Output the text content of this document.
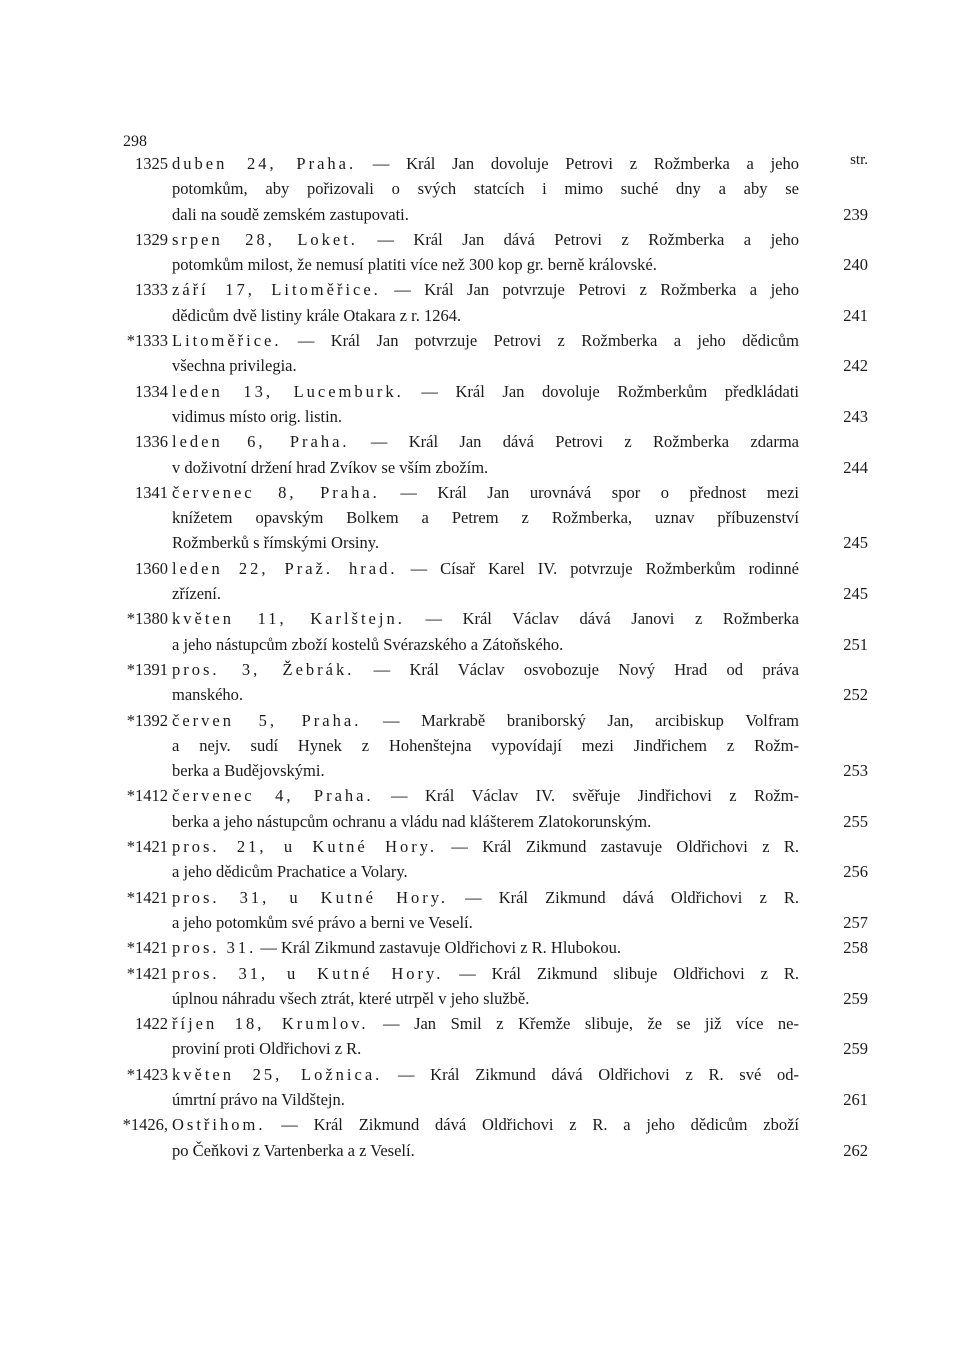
298
str.
1325 duben 24, Praha. — Král Jan dovoluje Petrovi z Rožmberka a jeho
potomkům, aby pořizovali o svých statcích i mimo suché dny a aby se
dali na soudě zemském zastupovati.	239
1329 srpen 28, Loket. — Král Jan dává Petrovi z Rožmberka a jeho
potomkům milost, že nemusí platiti více než 300 kop gr. berně královské.	240
1333 září 17, Litoměřice. — Král Jan potvrzuje Petrovi z Rožmberka a jeho
dědicům dvě listiny krále Otakara z r. 1264.	241
*1333 Litoměřice. — Král Jan potvrzuje Petrovi z Rožmberka a jeho dědicům
všechna privilegia.	242
1334 leden 13, Lucemburk. — Král Jan dovoluje Rožmberkům předkládati
vidimus místo orig. listin.	243
1336 leden 6, Praha. — Král Jan dává Petrovi z Rožmberka zdarma
v doživotní držení hrad Zvíkov se vším zbožím.	244
1341 červenec 8, Praha. — Král Jan urovnává spor o přednost mezi
knížetem opavským Bolkem a Petrem z Rožmberka, uznav příbuzenství
Rožmberků s římskými Orsiny.	245
1360 leden 22, Praž. hrad. — Císař Karel IV. potvrzuje Rožmberkům rodinné
zřízení.	245
*1380 květen 11, Karlštejn. — Král Václav dává Janovi z Rožmberka
a jeho nástupcům zboží kostelů Svérazského a Zátoňského.	251
*1391 pros. 3, Žebrák. — Král Václav osvobozuje Nový Hrad od práva
manského.	252
*1392 červen 5, Praha. — Markrabě braniborský Jan, arcibiskup Volfram
a nejv. sudí Hynek z Hohenštejna vypovídají mezi Jindřichem z Rožm-
berka a Budějovskými.	253
*1412 červenec 4, Praha. — Král Václav IV. svěřuje Jindřichovi z Rožm-
berka a jeho nástupcům ochranu a vládu nad klášterem Zlatokorunským.	255
*1421 pros. 21, u Kutné Hory. — Král Zikmund zastavuje Oldřichovi z R.
a jeho dědicům Prachatice a Volary.	256
*1421 pros. 31, u Kutné Hory. — Král Zikmund dává Oldřichovi z R.
a jeho potomkům své právo a berni ve Veselí.	257
*1421 pros. 31. — Král Zikmund zastavuje Oldřichovi z R. Hlubokou.	258
*1421 pros. 31, u Kutné Hory. — Král Zikmund slibuje Oldřichovi z R.
úplnou náhradu všech ztrát, které utrpěl v jeho službě.	259
1422 říjen 18, Krumlov. — Jan Smil z Křemže slibuje, že se již více ne-
proviní proti Oldřichovi z R.	259
*1423 květen 25, Ložnica. — Král Zikmund dává Oldřichovi z R. své od-
úmrtní právo na Vildštejn.	261
*1426, Ostřihom. — Král Zikmund dává Oldřichovi z R. a jeho dědicům zboží
po Čeňkovi z Vartenberka a z Veselí.	262
